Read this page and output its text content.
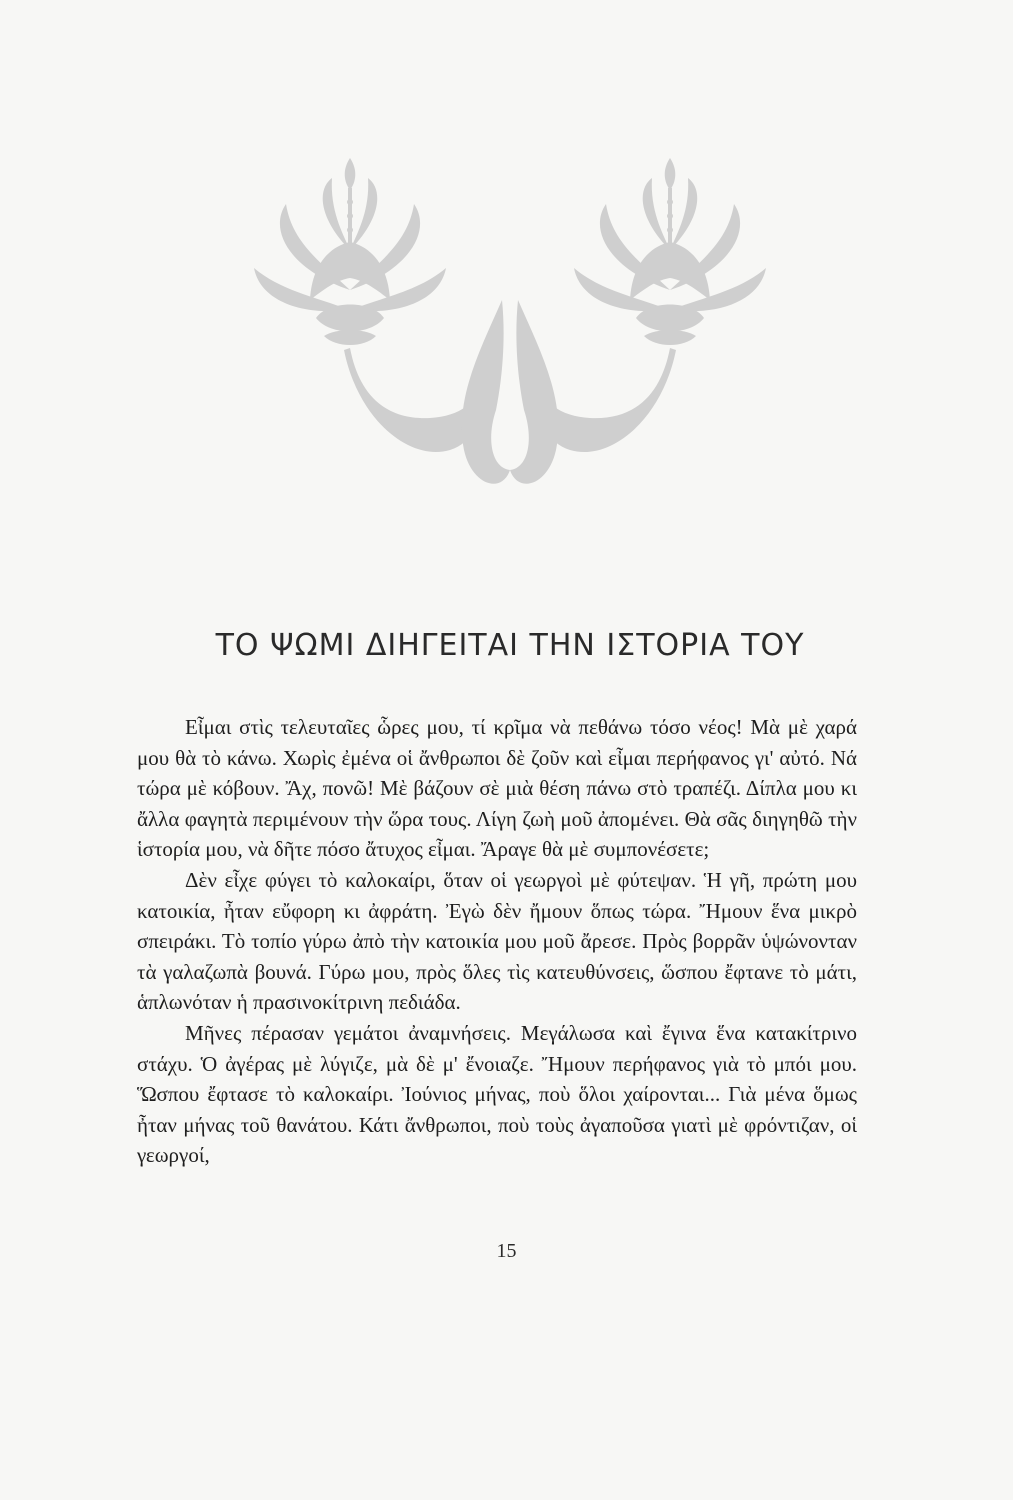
ΤΟ ΨΩΜΙ ΔΙΗΓΕΙΤΑΙ ΤΗΝ ΙΣΤΟΡΙΑ ΤΟΥ

Εἶμαι στὶς τελευταῖες ὧρες μου, τί κρῖμα νὰ πεθάνω τόσο νέος! Μὰ μὲ χαρά μου θὰ τὸ κάνω. Χωρὶς ἐμένα οἱ ἄνθρωποι δὲ ζοῦν καὶ εἶμαι περήφανος γι' αὐτό. Νά τώρα μὲ κόβουν. Ἄχ, πονῶ! Μὲ βάζουν σὲ μιὰ θέση πάνω στὸ τραπέζι. Δίπλα μου κι ἄλλα φαγητὰ περιμένουν τὴν ὥρα τους. Λίγη ζωὴ μοῦ ἀπομένει. Θὰ σᾶς διηγηθῶ τὴν ἱστορία μου, νὰ δῆτε πόσο ἄτυχος εἶμαι. Ἄραγε θὰ μὲ συμπονέσετε;

Δὲν εἶχε φύγει τὸ καλοκαίρι, ὅταν οἱ γεωργοὶ μὲ φύτεψαν. Ἡ γῆ, πρώτη μου κατοικία, ἦταν εὔφορη κι ἀφράτη. Ἐγὼ δὲν ἤμουν ὅπως τώρα. Ἤμουν ἕνα μικρὸ σπειράκι. Τὸ τοπίο γύρω ἀπὸ τὴν κατοικία μου μοῦ ἄρεσε. Πρὸς βορρᾶν ὑψώνονταν τὰ γαλαζωπὰ βουνά. Γύρω μου, πρὸς ὅλες τὶς κατευθύνσεις, ὥσπου ἔφτανε τὸ μάτι, ἁπλωνόταν ἡ πρασινοκίτρινη πεδιάδα.

Μῆνες πέρασαν γεμάτοι ἀναμνήσεις. Μεγάλωσα καὶ ἔγινα ἕνα κατακίτρινο στάχυ. Ὁ ἀγέρας μὲ λύγιζε, μὰ δὲ μ' ἔνοιαζε. Ἤμουν περήφανος γιὰ τὸ μπόι μου. Ὥσπου ἔφτασε τὸ καλοκαίρι. Ἰούνιος μήνας, ποὺ ὅλοι χαίρονται... Γιὰ μένα ὅμως ἦταν μήνας τοῦ θανάτου. Κάτι ἄνθρωποι, ποὺ τοὺς ἀγαποῦσα γιατὶ μὲ φρόντιζαν, οἱ γεωργοί,

15
